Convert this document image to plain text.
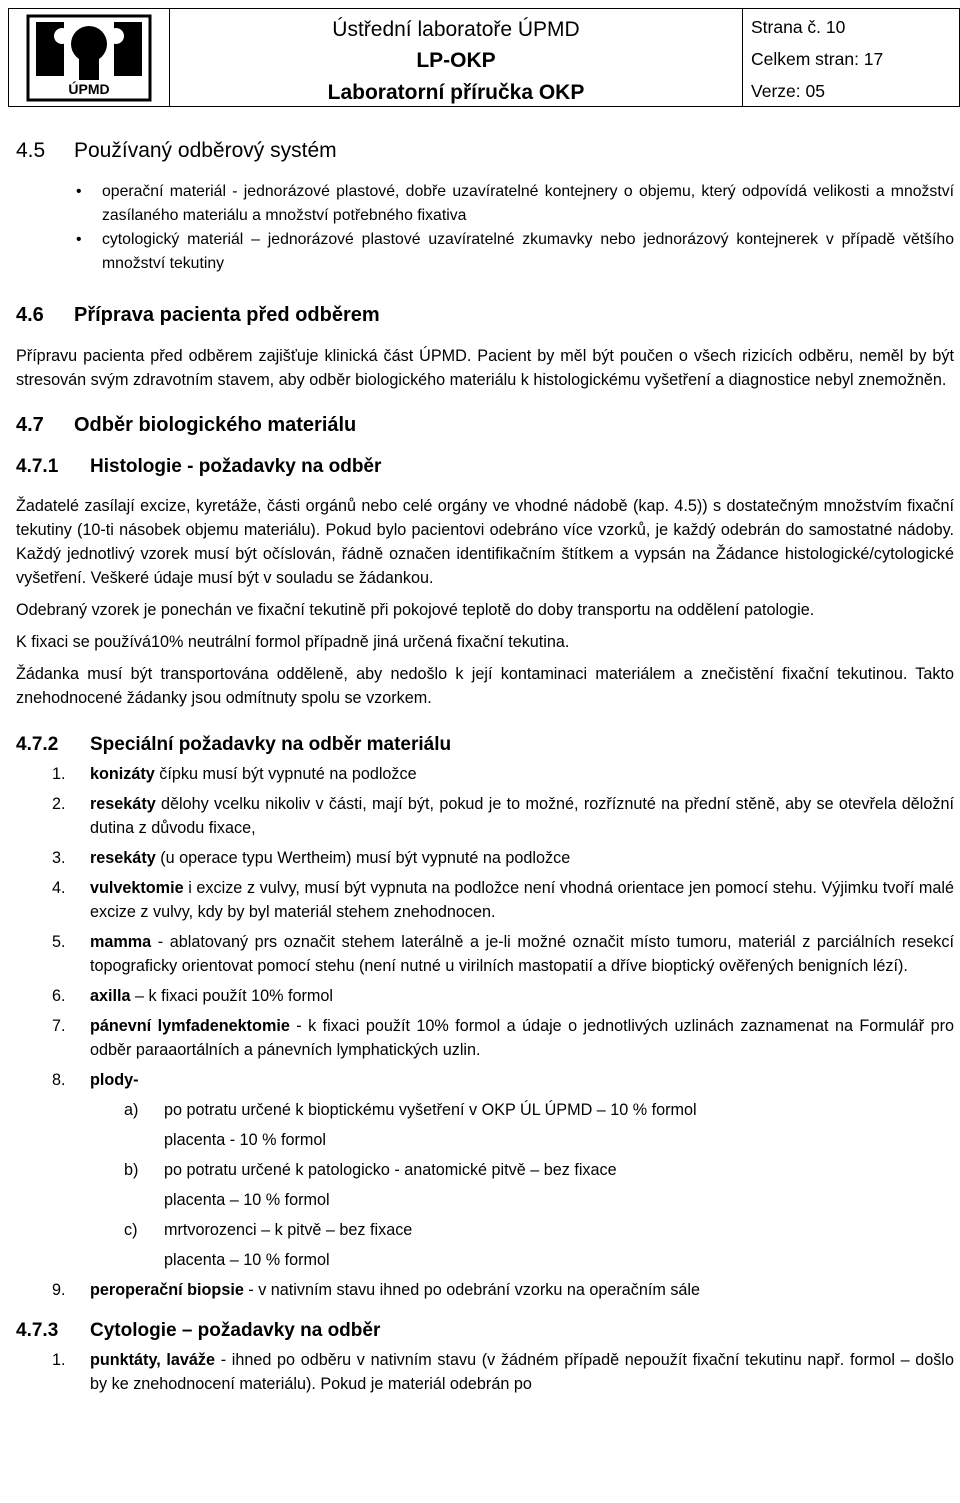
ÚPMD
Ústřední laboratoře ÚPMD
LP-OKP
Laboratorní příručka OKP
Strana č. 10
Celkem stran: 17
Verze: 05
4.5	Používaný odběrový systém
• operační materiál - jednorázové plastové, dobře uzavíratelné kontejnery o objemu, který odpovídá velikosti a množství zasílaného materiálu a množství potřebného fixativa
• cytologický materiál – jednorázové plastové uzavíratelné zkumavky nebo jednorázový kontejnerek v případě většího množství tekutiny
4.6	Příprava pacienta před odběrem

Přípravu pacienta před odběrem zajišťuje klinická část ÚPMD. Pacient by měl být poučen o všech rizicích odběru, neměl by být stresován svým zdravotním stavem, aby odběr biologického materiálu k histologickému vyšetření a diagnostice nebyl znemožněn.

4.7	Odběr biologického materiálu
4.7.1	Histologie - požadavky na odběr

Žadatelé zasílají excize, kyretáže, části orgánů nebo celé orgány ve vhodné nádobě (kap. 4.5)) s dostatečným množstvím fixační tekutiny (10-ti násobek objemu materiálu). Pokud bylo pacientovi odebráno více vzorků, je každý odebrán do samostatné nádoby. Každý jednotlivý vzorek musí být očíslován, řádně označen identifikačním štítkem a vypsán na Žádance histologické/cytologické vyšetření. Veškeré údaje musí být v souladu se žádankou.

Odebraný vzorek je ponechán ve fixační tekutině při pokojové teplotě do doby transportu na oddělení patologie.

K fixaci se používá10% neutrální formol případně jiná určená fixační tekutina.

Žádanka musí být transportována odděleně, aby nedošlo k její kontaminaci materiálem a znečistění fixační tekutinou. Takto znehodnocené žádanky jsou odmítnuty spolu se vzorkem.

4.7.2	Speciální požadavky na odběr materiálu
1. konizáty čípku musí být vypnuté na podložce
2. resekáty dělohy vcelku nikoliv v části, mají být, pokud je to možné, rozříznuté na přední stěně, aby se otevřela děložní dutina z důvodu fixace,
3. resekáty (u operace typu Wertheim) musí být vypnuté na podložce
4. vulvektomie i excize z vulvy, musí být vypnuta na podložce není vhodná orientace jen pomocí stehu. Výjimku tvoří malé excize z vulvy, kdy by byl materiál stehem znehodnocen.
5. mamma - ablatovaný prs označit stehem laterálně a je-li možné označit místo tumoru, materiál z parciálních resekcí topograficky orientovat pomocí stehu (není nutné u virilních mastopatií a dříve bioptický ověřených benigních lézí).
6. axilla – k fixaci použít 10% formol
7. pánevní lymfadenektomie - k fixaci použít 10% formol a údaje o jednotlivých uzlinách zaznamenat na Formulář pro odběr paraaortálních a pánevních lymphatických uzlin.
8. plody-
a) po potratu určené k bioptickému vyšetření v OKP ÚL ÚPMD – 10 % formol
placenta - 10 % formol
b) po potratu určené k patologicko - anatomické pitvě – bez fixace
placenta – 10 % formol
c) mrtvorozenci – k pitvě – bez fixace
placenta – 10 % formol
9. peroperační biopsie - v nativním stavu ihned po odebrání vzorku na operačním sále
4.7.3	Cytologie – požadavky na odběr
1. punktáty, laváže - ihned po odběru v nativním stavu (v žádném případě nepoužít fixační tekutinu např. formol – došlo by ke znehodnocení materiálu). Pokud je materiál odebrán po
